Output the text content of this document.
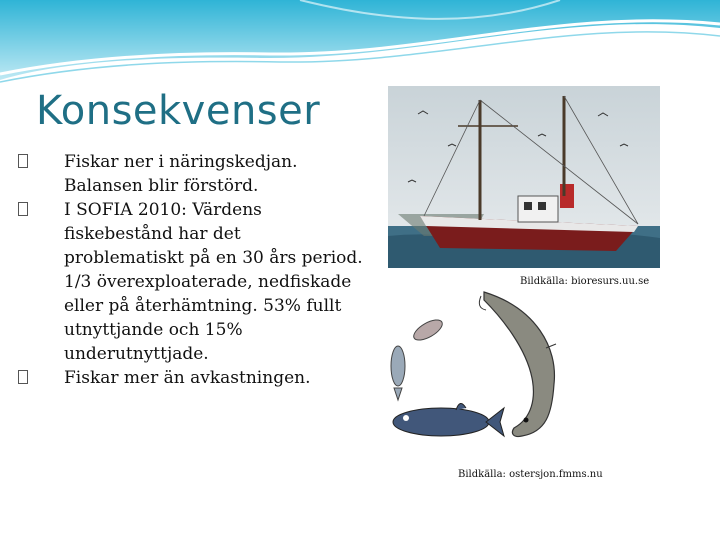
Konsekvenser
Fiskar ner i näringskedjan. Balansen blir förstörd.
I SOFIA 2010: Värdens fiskebestånd har det problematiskt på en 30 års period. 1/3 överexploaterade, nedfiskade eller på återhämtning. 53% fullt utnyttjande och 15% underutnyttjade.
Fiskar mer än avkastningen.
Bildkälla: bioresurs.uu.se
Bildkälla: ostersjon.fmms.nu
